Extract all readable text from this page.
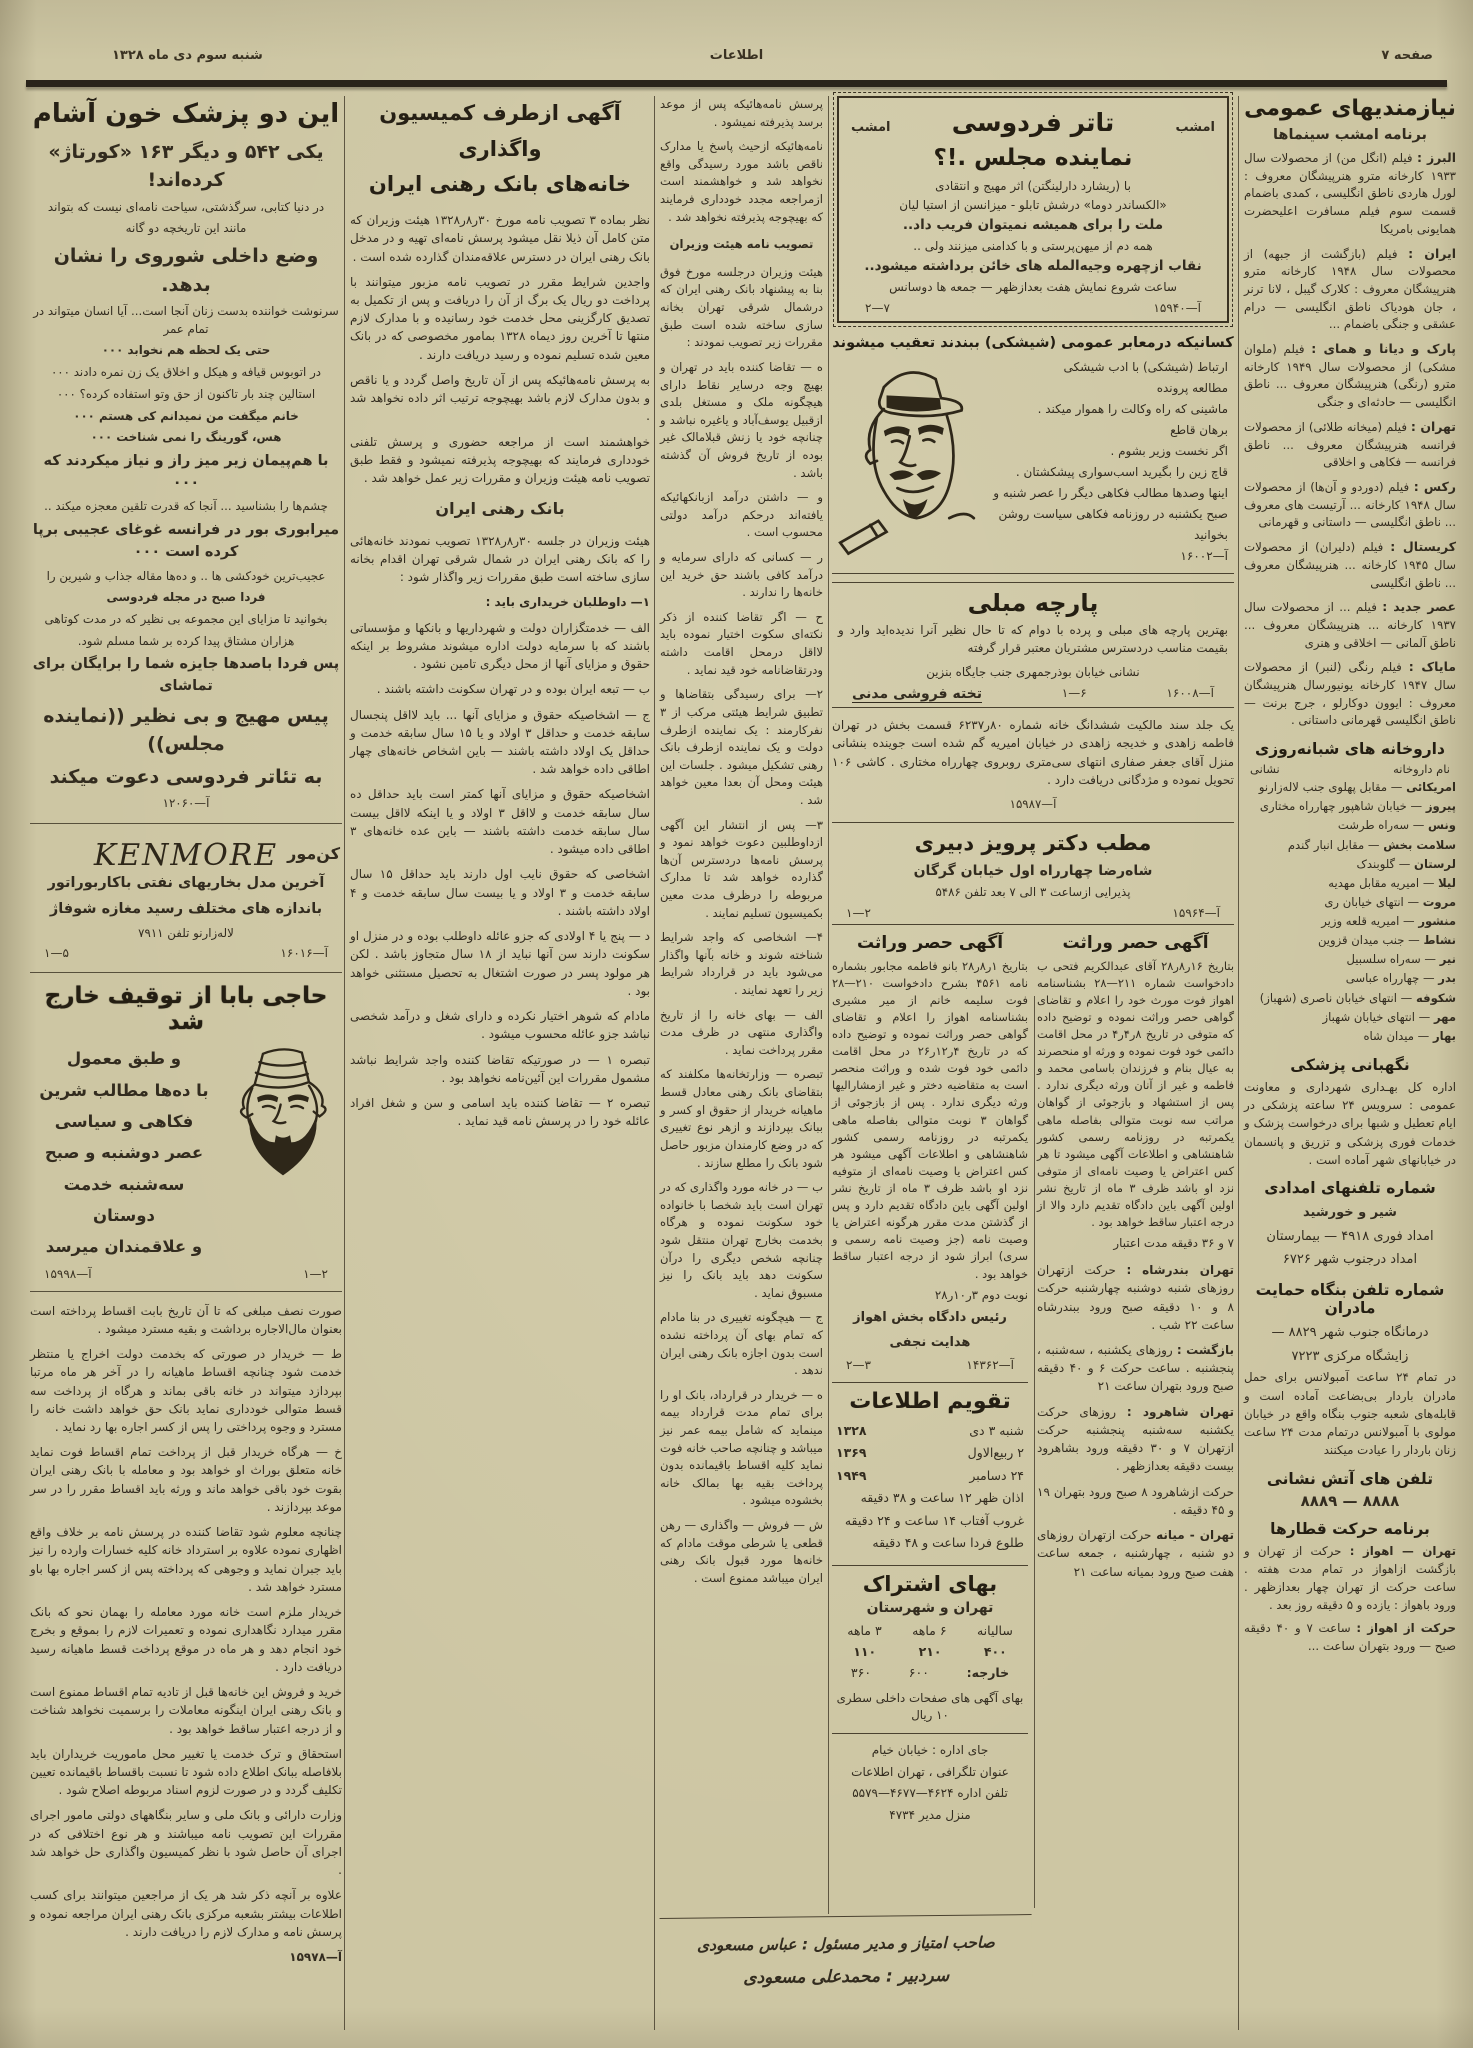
شنبه سوم دی ماه ۱۳۲۸	اطلاعات	صفحه ۷
این دو پزشک خون آشام
یکی ۵۴۲ و دیگر ۱۶۳ «کورتاژ» کرده‌اند!
در دنیا کتابی، سرگذشتی، سیاحت نامه‌ای نیست که بتواند
مانند این تاریخچه دو گانه
وضع داخلی شوروی را نشان بدهد.
سرنوشت خواننده بدست زنان آنجا است... آیا انسان میتواند در تمام عمر
حتی یک لحظه هم نخوابد ۰۰۰
در اتوبوس قیافه و هیکل و اخلاق یک زن نمره دادند ۰۰۰
استالین چند بار تاکنون از حق وتو استفاده کرده؟ ۰۰۰
خانم میگفت من نمیدانم کی هستم ۰۰۰
هس، گورینگ را نمی شناخت ۰۰۰
با هم‌پیمان زیر میز راز و نیاز میکردند که ۰۰۰
چشم‌ها را بشناسید ... آنجا که قدرت تلقین معجزه میکند ..
میرابوری بور در فرانسه غوغای عجیبی برپا کرده است ۰۰۰
عجیب‌ترین خودکشی ها .. و ده‌ها مقاله جذاب و شیرین را
فردا صبح در مجله فردوسی
بخوانید تا مزایای این مجموعه بی نظیر که در مدت کوتاهی
هزاران مشتاق پیدا کرده بر شما مسلم شود.
پس فردا باصدها جایزه شما را برایگان برای تماشای
پیس مهیج و بی نظیر ((نماینده مجلس))
به تئاتر فردوسی دعوت میکند
آ—۱۲۰۶۰
کن‌مور
KENMORE
آخرین مدل بخاریهای نفتی باکاربوراتور
باندازه های مختلف رسید مغازه شوفاژ
لاله‌زارنو تلفن ۷۹۱۱
آ—۱۶۰۱۶
۵—۱
حاجی بابا از توقیف خارج شد
و طبق معمول
با ده‌ها مطالب شرین
فکاهی و سیاسی
عصر دوشنبه و صبح
سه‌شنبه خدمت دوستان
و علاقمندان میرسد
۲—۱
آ—۱۵۹۹۸

صورت نصف مبلغی که تا آن تاریخ بابت اقساط پرداخته است بعنوان مال‌الاجاره برداشت و بقیه مسترد میشود .

ط — خریدار در صورتی که بخدمت دولت اخراج یا منتظر خدمت شود چنانچه اقساط ماهیانه را در آخر هر ماه مرتبا بپردازد میتواند در خانه باقی بماند و هرگاه از پرداخت سه قسط متوالی خودداری نماید بانک حق خواهد داشت خانه را مسترد و وجوه پرداختی را پس از کسر اجاره بها رد نماید .

خ — هرگاه خریدار قبل از پرداخت تمام اقساط فوت نماید خانه متعلق بوراث او خواهد بود و معامله با بانک رهنی ایران بقوت خود باقی خواهد ماند و ورثه باید اقساط مقرر را در سر موعد بپردازند .

چنانچه معلوم شود تقاضا کننده در پرسش نامه بر خلاف واقع اظهاری نموده علاوه بر استرداد خانه کلیه خسارات وارده را نیز باید جبران نماید و وجوهی که پرداخته پس از کسر اجاره بها باو مسترد خواهد شد .

خریدار ملزم است خانه مورد معامله را بهمان نحو که بانک مقرر میدارد نگاهداری نموده و تعمیرات لازم را بموقع و بخرج خود انجام دهد و هر ماه در موقع پرداخت قسط ماهیانه رسید دریافت دارد .

خرید و فروش این خانه‌ها قبل از تادیه تمام اقساط ممنوع است و بانک رهنی ایران اینگونه معاملات را برسمیت نخواهد شناخت و از درجه اعتبار ساقط خواهد بود .

استحقاق و ترک خدمت یا تغییر محل ماموریت خریداران باید بلافاصله ببانک اطلاع داده شود تا نسبت باقساط باقیمانده تعیین تکلیف گردد و در صورت لزوم اسناد مربوطه اصلاح شود .

وزارت دارائی و بانک ملی و سایر بنگاههای دولتی مامور اجرای مقررات این تصویب نامه میباشند و هر نوع اختلافی که در اجرای آن حاصل شود با نظر کمیسیون واگذاری حل خواهد شد .

علاوه بر آنچه ذکر شد هر یک از مراجعین میتوانند برای کسب اطلاعات بیشتر بشعبه مرکزی بانک رهنی ایران مراجعه نموده و پرسش نامه و مدارک لازم را دریافت دارند .

آ—۱۵۹۷۸

آگهی ازطرف کمیسیون واگذاری
خانه‌های بانک رهنی ایران

نظر بماده ۳ تصویب نامه مورخ ۳۰ر۸ر۱۳۲۸ هیئت وزیران که متن کامل آن ذیلا نقل میشود پرسش نامه‌ای تهیه و در مدخل بانک رهنی ایران در دسترس علاقه‌مندان گذارده شده است .

واجدین شرایط مقرر در تصویب نامه مزبور میتوانند با پرداخت دو ریال یک برگ از آن را دریافت و پس از تکمیل به تصدیق کارگزینی محل خدمت خود رسانیده و با مدارک لازم منتها تا آخرین روز دیماه ۱۳۲۸ بمامور مخصوصی که در بانک معین شده تسلیم نموده و رسید دریافت دارند .

به پرسش نامه‌هائیکه پس از آن تاریخ واصل گردد و یا ناقص و بدون مدارک لازم باشد بهیچوجه ترتیب اثر داده نخواهد شد .

خواهشمند است از مراجعه حضوری و پرسش تلفنی خودداری فرمایند که بهیچوجه پذیرفته نمیشود و فقط طبق تصویب نامه هیئت وزیران و مقررات زیر عمل خواهد شد .

بانک رهنی ایران

هیئت وزیران در جلسه ۳۰ر۸ر۱۳۲۸ تصویب نمودند خانه‌هائی را که بانک رهنی ایران در شمال شرقی تهران اقدام بخانه سازی ساخته است طبق مقررات زیر واگذار شود :

۱— داوطلبان خریداری باید :

الف — خدمتگزاران دولت و شهرداریها و بانکها و مؤسساتی باشند که با سرمایه دولت اداره میشوند مشروط بر اینکه حقوق و مزایای آنها از محل دیگری تامین نشود .

ب — تبعه ایران بوده و در تهران سکونت داشته باشند .

ج — اشخاصیکه حقوق و مزایای آنها ... باید لااقل پنجسال سابقه خدمت و حداقل ۳ اولاد و یا ۱۵ سال سابقه خدمت و حداقل یک اولاد داشته باشند — باین اشخاص خانه‌های چهار اطاقی داده خواهد شد .

اشخاصیکه حقوق و مزایای آنها کمتر است باید حداقل ده سال سابقه خدمت و لااقل ۳ اولاد و یا اینکه لااقل بیست سال سابقه خدمت داشته باشند — باین عده خانه‌های ۳ اطاقی داده میشود .

اشخاصی که حقوق نایب اول دارند باید حداقل ۱۵ سال سابقه خدمت و ۳ اولاد و یا بیست سال سابقه خدمت و ۴ اولاد داشته باشند .

د — پنج یا ۴ اولادی که جزو عائله داوطلب بوده و در منزل او سکونت دارند سن آنها نباید از ۱۸ سال متجاوز باشد . لکن هر مولود پسر در صورت اشتغال به تحصیل مستثنی خواهد بود .

مادام که شوهر اختیار نکرده و دارای شغل و درآمد شخصی نباشد جزو عائله محسوب میشود .

تبصره ۱ — در صورتیکه تقاضا کننده واجد شرایط نباشد مشمول مقررات این آئین‌نامه نخواهد بود .

تبصره ۲ — تقاضا کننده باید اسامی و سن و شغل افراد عائله خود را در پرسش نامه قید نماید .

پرسش نامه‌هائیکه پس از موعد برسد پذیرفته نمیشود .

نامه‌هائیکه ازحیث پاسخ یا مدارک ناقص باشد مورد رسیدگی واقع نخواهد شد و خواهشمند است ازمراجعه مجدد خودداری فرمایند که بهیچوجه پذیرفته نخواهد شد .

تصویب نامه هیئت وزیران

هیئت وزیران درجلسه مورخ فوق بنا به پیشنهاد بانک رهنی ایران که درشمال شرقی تهران بخانه سازی ساخته شده است طبق مقررات زیر تصویب نمودند :

ه — تقاضا کننده باید در تهران و بهیچ وجه درسایر نقاط دارای هیچگونه ملک و مستغل بلدی ازقبیل یوسف‌آباد و یاغیره نباشد و چنانچه خود یا زنش قبلامالک غیر بوده از تاریخ فروش آن گذشته باشد .

و — داشتن درآمد ازبانکهائیکه یافته‌اند درحکم درآمد دولتی محسوب است .

ر — کسانی که دارای سرمایه و درآمد کافی باشند حق خرید این خانه‌ها را ندارند .

ح — اگر تقاضا کننده از ذکر نکته‌ای سکوت اختیار نموده باید لااقل درمحل اقامت داشته ودرتقاضانامه خود قید نماید .

۲— برای رسیدگی بتقاضاها و تطبیق شرایط هیئتی مرکب از ۳ نفرکارمند : یک نماینده ازطرف دولت و یک نماینده ازطرف بانک رهنی تشکیل میشود . جلسات این هیئت ومحل آن بعدا معین خواهد شد .

۳— پس از انتشار این آگهی ازداوطلبین دعوت خواهد نمود و پرسش نامه‌ها دردسترس آن‌ها گذارده خواهد شد تا مدارک مربوطه را درظرف مدت معین بکمیسیون تسلیم نمایند .

۴— اشخاصی که واجد شرایط شناخته شوند و خانه بآنها واگذار می‌شود باید در قرارداد شرایط زیر را تعهد نمایند .

الف — بهای خانه را از تاریخ واگذاری منتهی در ظرف مدت مقرر پرداخت نماید .

تبصره — وزارتخانه‌ها مکلفند که بتقاضای بانک رهنی معادل قسط ماهیانه خریدار از حقوق او کسر و ببانک بپردازند و ازهر نوع تغییری که در وضع کارمندان مزبور حاصل شود بانک را مطلع سازند .

ب — در خانه مورد واگذاری که در تهران است باید شخصا با خانواده خود سکونت نموده و هرگاه بخدمت بخارج تهران منتقل شود چنانچه شخص دیگری را درآن سکونت دهد باید بانک را نیز مسبوق نماید .

ج — هیچگونه تغییری در بنا مادام که تمام بهای آن پرداخته نشده است بدون اجازه بانک رهنی ایران ندهد .

ه — خریدار در قرارداد، بانک او را برای تمام مدت قرارداد بیمه مینماید که شامل بیمه عمر نیز میباشد و چنانچه صاحب خانه فوت نماید کلیه اقساط باقیمانده بدون پرداخت بقیه بها بمالک خانه بخشوده میشود .

ش — فروش — واگذاری — رهن قطعی یا شرطی موقت مادام که خانه‌ها مورد قبول بانک رهنی ایران میباشد ممنوع است .

امشب
تاتر فردوسی
امشب
نماینده مجلس .!؟
با (ریشارد دارلینگتن) اثر مهیج و انتقادی
«الکساندر دوما» درشش تابلو - میزانسن از استیا لیان
ملت را برای همیشه نمیتوان فریب داد..
همه دم از میهن‌پرستی و با کدامنی میزنند ولی ..
نقاب ازچهره وجیه‌المله های خائن برداشته میشود..
ساعت شروع نمایش هفت بعدازظهر — جمعه ها دوسانس
آ—۱۵۹۴۰
۷—۲
کسانیکه درمعابر عمومی (شیشکی) ببندند تعقیب میشوند
ارتباط (شیشکی) با ادب شیشکی
مطالعه پرونده
ماشینی که راه وکالت را هموار میکند .
برهان قاطع
اگر نخست وزیر بشوم .
قاچ زین را بگیرید اسب‌سواری پیشکشتان .
اینها وصدها مطالب فکاهی دیگر را عصر شنبه و صبح یکشنبه در روزنامه فکاهی سیاست روشن بخوانید
آ—۱۶۰۰۲
پارچه مبلی
بهترین پارچه های مبلی و پرده با دوام که تا حال نظیر آنرا ندیده‌اید وارد و بقیمت مناسب دردسترس مشتریان معتبر قرار گرفته
نشانی خیابان بوذرجمهری جنب جایگاه بنزین
آ—۱۶۰۰۸
۶—۱
تخته فروشی مدنی
یک جلد سند مالکیت ششدانگ خانه شماره ۸۰ر۶۲۳۷ قسمت بخش در تهران فاطمه زاهدی و خدیجه زاهدی در خیابان امیریه گم شده است جوینده بنشانی منزل آقای جعفر صفاری انتهای سی‌متری روبروی چهارراه مختاری . کاشی ۱۰۶ تحویل نموده و مژدگانی دریافت دارد .
آ—۱۵۹۸۷
مطب دکتر پرویز دبیری
شاه‌رضا چهارراه اول خیابان گرگان
پذیرایی ازساعت ۳ الی ۷ بعد تلفن ۵۴۸۶
آ—۱۵۹۶۴
۲—۱
آگهی حصر وراثت
بتاریخ ۱ر۸ر۲۸ بانو فاطمه مجابور بشماره نامه ۴۵۶۱ بشرح دادخواست ۲۱۰—۲۸ فوت سلیمه خانم از میر مشیری بشناسنامه اهواز را اعلام و تقاضای گواهی حصر وراثت نموده و توضیح داده که در تاریخ ۴ر۱۲ر۲۶ در محل اقامت دائمی خود فوت شده و وراثت منحصر است به متقاضیه دختر و غیر ازمشارالیها ورثه دیگری ندارد . پس از بازجوئی از گواهان ۳ نوبت متوالی بفاصله ماهی یکمرتبه در روزنامه رسمی کشور شاهنشاهی و اطلاعات آگهی میشود هر کس اعتراض یا وصیت نامه‌ای از متوفیه نزد او باشد ظرف ۳ ماه از تاریخ نشر اولین آگهی باین دادگاه تقدیم دارد و پس از گذشتن مدت مقرر هرگونه اعتراض یا وصیت نامه (جز وصیت نامه رسمی و سری) ابراز شود از درجه اعتبار ساقط خواهد بود .
نوبت دوم ۳ر۱۰ر۲۸
رئیس دادگاه بخش اهواز
هدایت نجفی
آ—۱۴۳۶۲
۳—۲
تقویم اطلاعات
شنبه ۳ دی
۱۳۲۸
۲ ربیع‌الاول
۱۳۶۹
۲۴ دسامبر
۱۹۴۹
اذان ظهر ۱۲ ساعت و ۳۸ دقیقه
غروب آفتاب ۱۴ ساعت و ۲۴ دقیقه
طلوع فردا ساعت و ۴۸ دقیقه
بهای اشتراک
تهران و شهرستان
سالیانه
۶ ماهه
۳ ماهه
۴۰۰
۲۱۰
۱۱۰
خارجه:
۶۰۰
۳۶۰
بهای آگهی های صفحات داخلی سطری ۱۰ ریال
جای اداره : خیابان خیام
عنوان تلگرافی ، تهران اطلاعات
تلفن اداره ۴۶۲۴—۴۶۷۷—۵۵۷۹
منزل مدیر ۴۷۳۴
آگهی حصر وراثت
بتاریخ ۱۶ر۸ر۲۸ آقای عبدالکریم فتحی ب دادخواست شماره ۲۱۱—۲۸ بشناسنامه اهواز فوت مورث خود را اعلام و تقاضای گواهی حصر وراثت نموده و توضیح داده که متوفی در تاریخ ۸ر۴ر۴ در محل اقامت دائمی خود فوت نموده و ورثه او منحصرند به عیال بنام و فرزندان باسامی محمد و فاطمه و غیر از آنان ورثه دیگری ندارد . پس از استشهاد و بازجوئی از گواهان مراتب سه نوبت متوالی بفاصله ماهی یکمرتبه در روزنامه رسمی کشور شاهنشاهی و اطلاعات آگهی میشود تا هر کس اعتراض یا وصیت نامه‌ای از متوفی نزد او باشد ظرف ۳ ماه از تاریخ نشر اولین آگهی باین دادگاه تقدیم دارد والا از درجه اعتبار ساقط خواهد بود .
۷ و ۳۶ دقیقه مدت اعتبار

تهران بندرشاه : حرکت ازتهران روزهای شنبه دوشنبه چهارشنبه حرکت ۸ و ۱۰ دقیقه صبح ورود ببندرشاه ساعت ۲۲ شب .

بازگشت : روزهای یکشنبه ، سه‌شنبه ، پنجشنبه . ساعت حرکت ۶ و ۴۰ دقیقه صبح ورود بتهران ساعت ۲۱

تهران شاهرود : روزهای حرکت یکشنبه سه‌شنبه پنجشنبه حرکت ازتهران ۷ و ۳۰ دقیقه ورود بشاهرود بیست دقیقه بعدازظهر .

حرکت ازشاهرود ۸ صبح ورود بتهران ۱۹ و ۴۵ دقیقه .

تهران - میانه حرکت ازتهران روزهای دو شنبه ، چهارشنبه ، جمعه ساعت هفت صبح ورود بمیانه ساعت ۲۱

صاحب امتیاز و مدیر مسئول : عباس مسعودی
سردبیر : محمدعلی مسعودی
نیازمندیهای عمومی
برنامه امشب سینماها

البرز : فیلم (انگل من) از محصولات سال ۱۹۳۳ کارخانه مترو هنرپیشگان معروف : لورل هاردی ناطق انگلیسی ، کمدی باضمام قسمت سوم فیلم مسافرت اعلیحضرت همایونی بامریکا

ایران : فیلم (بازگشت از جبهه) از محصولات سال ۱۹۴۸ کارخانه مترو هنرپیشگان معروف : کلارک گیبل ، لانا ترنر ، جان هودیاک ناطق انگلیسی — درام عشقی و جنگی باضمام ...

پارک و دیانا و همای : فیلم (ملوان مشکی) از محصولات سال ۱۹۴۹ کارخانه مترو (رنگی) هنرپیشگان معروف ... ناطق انگلیسی — حادثه‌ای و جنگی

تهران : فیلم (میخانه طلائی) از محصولات فرانسه هنرپیشگان معروف ... ناطق فرانسه — فکاهی و اخلاقی

رکس : فیلم (دوردو و آن‌ها) از محصولات سال ۱۹۴۸ کارخانه ... آرتیست های معروف ... ناطق انگلیسی — داستانی و قهرمانی

کریستال : فیلم (دلیران) از محصولات سال ۱۹۴۵ کارخانه ... هنرپیشگان معروف ... ناطق انگلیسی

عصر جدید : فیلم ... از محصولات سال ۱۹۳۷ کارخانه ... هنرپیشگان معروف ... ناطق آلمانی — اخلاقی و هنری

مایاک : فیلم رنگی (لنبر) از محصولات سال ۱۹۴۷ کارخانه یونیورسال هنرپیشگان معروف : ایوون دوکارلو ، جرج برنت — ناطق انگلیسی قهرمانی داستانی .

داروخانه های شبانه‌روزی
نام داروخانه
نشانی
امریکائی — مقابل پهلوی جنب لاله‌زارنو
پیروز — خیابان شاهپور چهارراه مختاری
ونس — سه‌راه طرشت
سلامت بخش — مقابل انبار گندم
لرستان — گلوبندک
لیلا — امیریه مقابل مهدیه
مروت — انتهای خیابان ری
منشور — امیریه قلعه وزیر
نشاط — جنب میدان قزوین
نیر — سه‌راه سلسبیل
بدر — چهارراه عباسی
شکوفه — انتهای خیابان ناصری (شهباز)
مهر — انتهای خیابان شهباز
بهار — میدان شاه
نگهبانی پزشکی
اداره کل بهـداری شهرداری و معاونت عمومی : سرویس ۲۴ ساعته پزشکی در ایام تعطیل و شبها برای درخواست پزشک و خدمات فوری پزشکی و تزریق و پانسمان در خیابانهای شهر آماده است .
شماره تلفنهای امدادی
شیر و خورشید
امداد فوری ۴۹۱۸ — بیمارستان
امداد درجنوب شهر ۶۷۲۶
شماره تلفن بنگاه حمایت مادران
درمانگاه جنوب شهر ۸۸۲۹ —
زایشگاه مرکزی ۷۲۲۳
در تمام ۲۴ ساعت آمبولانس برای حمل مادران باردار بی‌بضاعت آماده است و قابله‌های شعبه جنوب بنگاه واقع در خیابان مولوی با آمبولانس درتمام مدت ۲۴ ساعت زنان باردار را عیادت میکنند
تلفن های آتش نشانی
۸۸۸۸ — ۸۸۸۹
برنامه حرکت قطارها

تهران — اهواز : حرکت از تهران و بازگشت ازاهواز در تمام مدت هفته . ساعت حرکت از تهران چهار بعدازظهر . ورود باهواز : یازده و ۵ دقیقه روز بعد .

حرکت از اهواز : ساعت ۷ و ۴۰ دقیقه صبح — ورود بتهران ساعت ...
